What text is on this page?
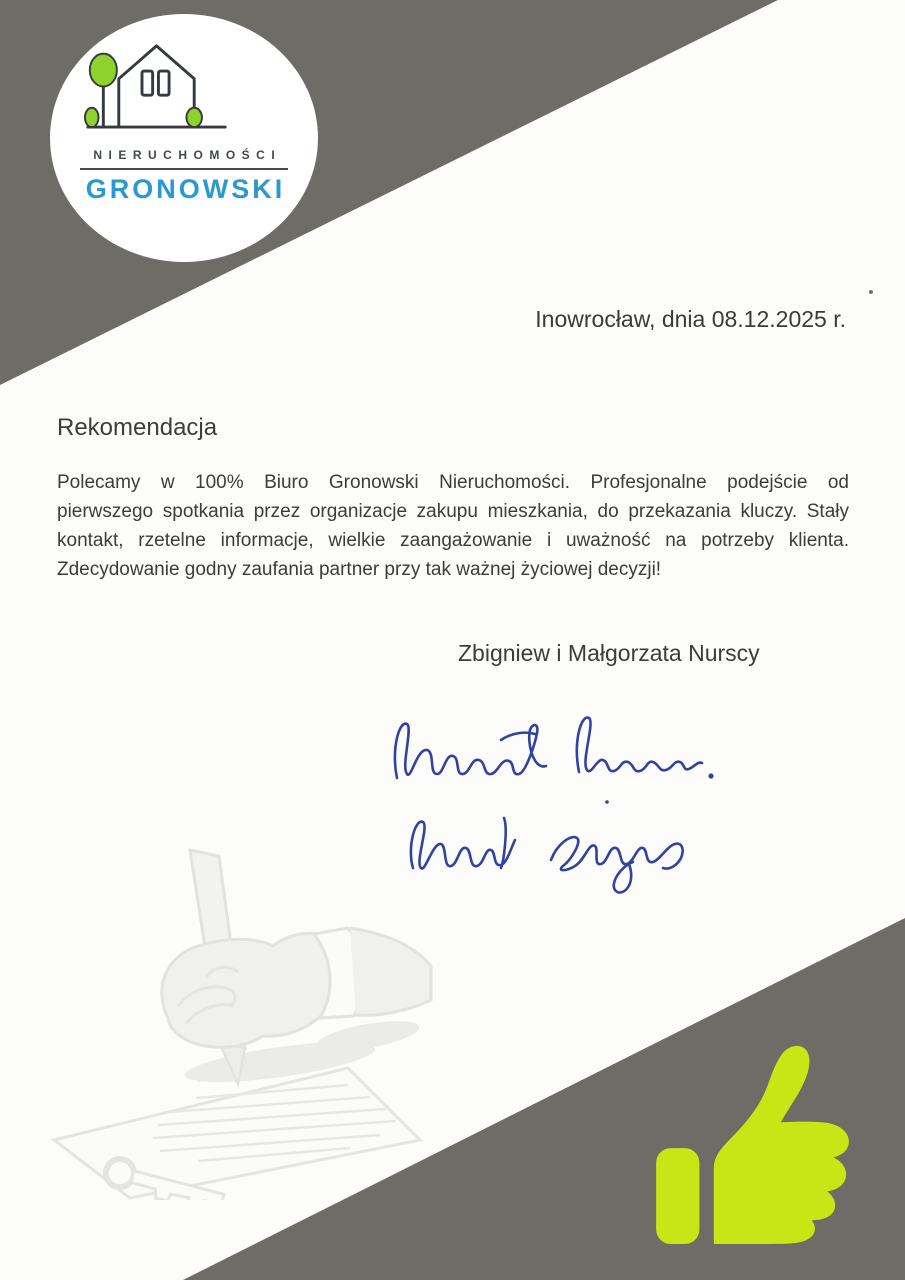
NIERUCHOMOŚCI
GRONOWSKI
Inowrocław, dnia 08.12.2025 r.
Rekomendacja
Polecamy w 100% Biuro Gronowski Nieruchomości. Profesjonalne podejście od
pierwszego spotkania przez organizacje zakupu mieszkania, do przekazania kluczy. Stały
kontakt, rzetelne informacje, wielkie zaangażowanie i uważność na potrzeby klienta.
Zdecydowanie godny zaufania partner przy tak ważnej życiowej decyzji!
Zbigniew i Małgorzata Nurscy
